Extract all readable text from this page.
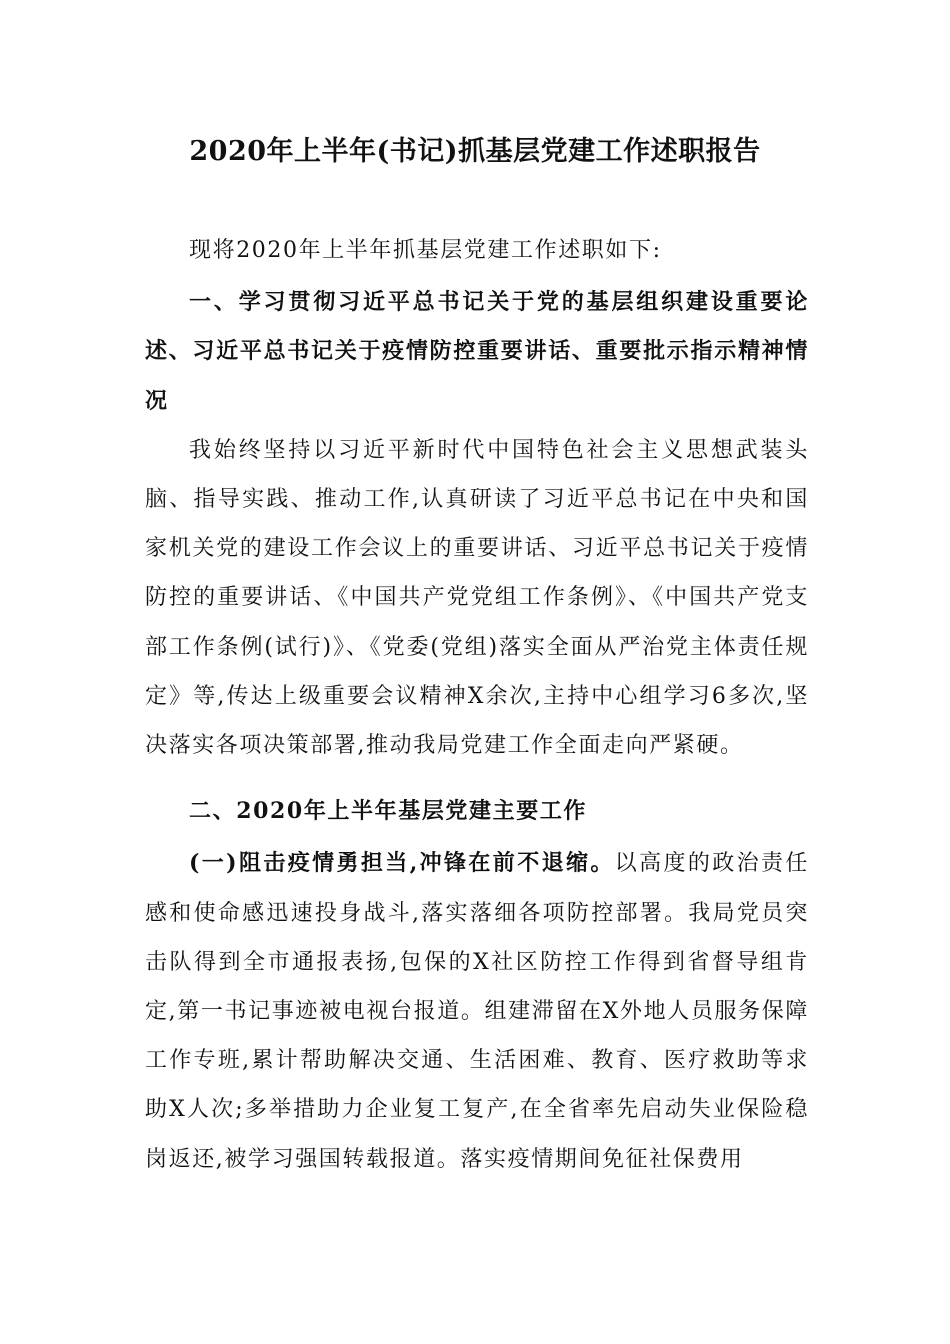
2020年上半年(书记)抓基层党建工作述职报告

现将2020年上半年抓基层党建工作述职如下:

一、学习贯彻习近平总书记关于党的基层组织建设重要论述、习近平总书记关于疫情防控重要讲话、重要批示指示精神情况

我始终坚持以习近平新时代中国特色社会主义思想武装头脑、指导实践、推动工作,认真研读了习近平总书记在中央和国家机关党的建设工作会议上的重要讲话、习近平总书记关于疫情防控的重要讲话、《中国共产党党组工作条例》、《中国共产党支部工作条例(试行)》、《党委(党组)落实全面从严治党主体责任规定》等,传达上级重要会议精神X余次,主持中心组学习6多次,坚决落实各项决策部署,推动我局党建工作全面走向严紧硬。

二、2020年上半年基层党建主要工作

(一)阻击疫情勇担当,冲锋在前不退缩。以高度的政治责任感和使命感迅速投身战斗,落实落细各项防控部署。我局党员突击队得到全市通报表扬,包保的X社区防控工作得到省督导组肯定,第一书记事迹被电视台报道。组建滞留在X外地人员服务保障工作专班,累计帮助解决交通、生活困难、教育、医疗救助等求助X人次;多举措助力企业复工复产,在全省率先启动失业保险稳岗返还,被学习强国转载报道。落实疫情期间免征社保费用
